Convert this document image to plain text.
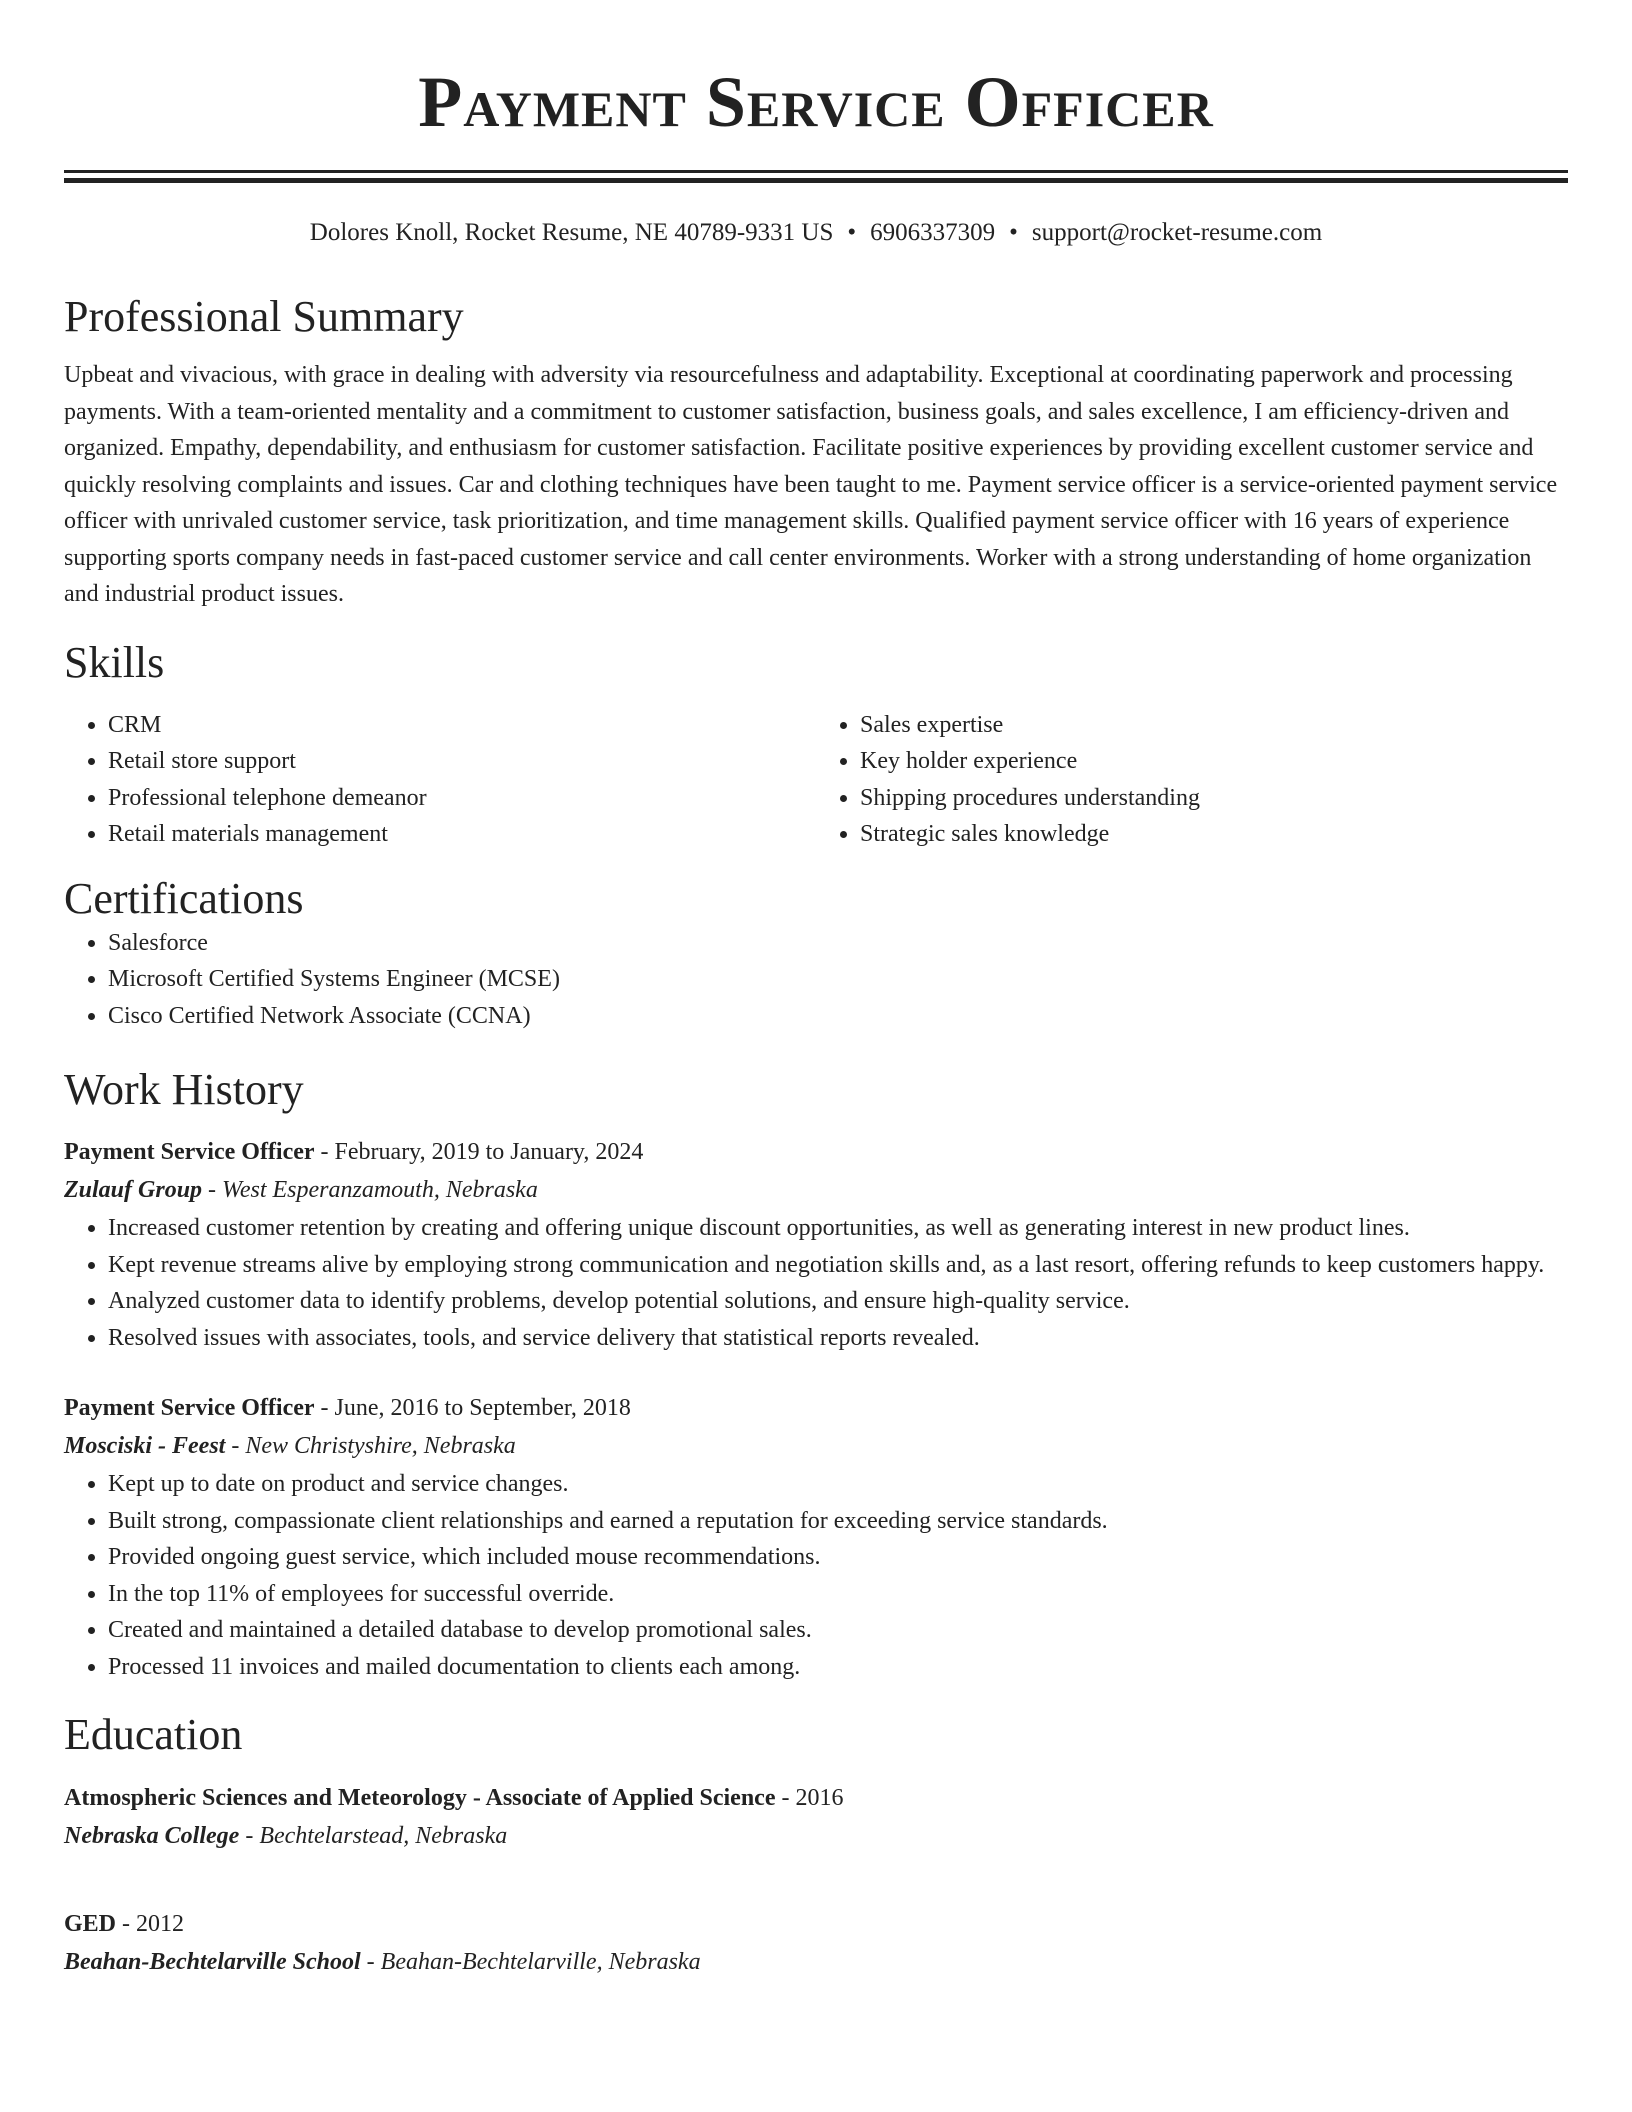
Payment Service Officer
Dolores Knoll, Rocket Resume, NE 40789-9331 US • 6906337309 • support@rocket-resume.com
Professional Summary

Upbeat and vivacious, with grace in dealing with adversity via resourcefulness and adaptability. Exceptional at coordinating paperwork and processing payments. With a team-oriented mentality and a commitment to customer satisfaction, business goals, and sales excellence, I am efficiency-driven and organized. Empathy, dependability, and enthusiasm for customer satisfaction. Facilitate positive experiences by providing excellent customer service and quickly resolving complaints and issues. Car and clothing techniques have been taught to me. Payment service officer is a service-oriented payment service officer with unrivaled customer service, task prioritization, and time management skills. Qualified payment service officer with 16 years of experience supporting sports company needs in fast-paced customer service and call center environments. Worker with a strong understanding of home organization and industrial product issues.

Skills
• CRM
• Retail store support
• Professional telephone demeanor
• Retail materials management
• Sales expertise
• Key holder experience
• Shipping procedures understanding
• Strategic sales knowledge
Certifications
• Salesforce
• Microsoft Certified Systems Engineer (MCSE)
• Cisco Certified Network Associate (CCNA)
Work History
Payment Service Officer - February, 2019 to January, 2024
Zulauf Group - West Esperanzamouth, Nebraska
• Increased customer retention by creating and offering unique discount opportunities, as well as generating interest in new product lines.
• Kept revenue streams alive by employing strong communication and negotiation skills and, as a last resort, offering refunds to keep customers happy.
• Analyzed customer data to identify problems, develop potential solutions, and ensure high-quality service.
• Resolved issues with associates, tools, and service delivery that statistical reports revealed.
Payment Service Officer - June, 2016 to September, 2018
Mosciski - Feest - New Christyshire, Nebraska
• Kept up to date on product and service changes.
• Built strong, compassionate client relationships and earned a reputation for exceeding service standards.
• Provided ongoing guest service, which included mouse recommendations.
• In the top 11% of employees for successful override.
• Created and maintained a detailed database to develop promotional sales.
• Processed 11 invoices and mailed documentation to clients each among.
Education
Atmospheric Sciences and Meteorology - Associate of Applied Science - 2016
Nebraska College - Bechtelarstead, Nebraska
GED - 2012
Beahan-Bechtelarville School - Beahan-Bechtelarville, Nebraska
